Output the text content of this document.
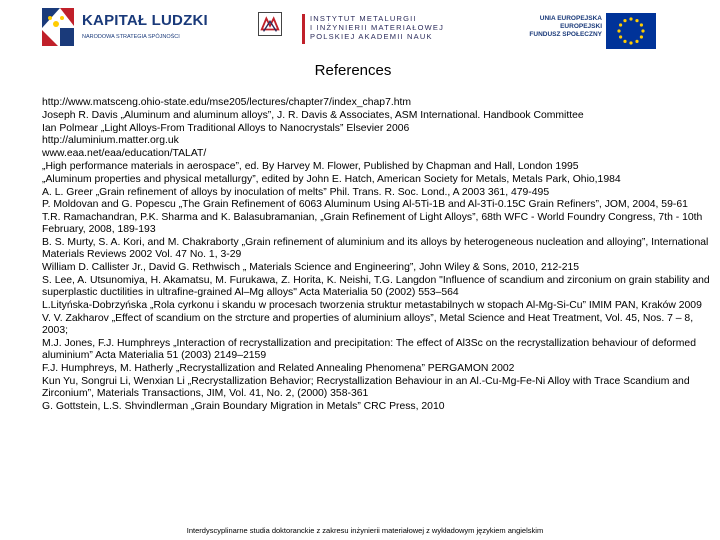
KAPITAŁ LUDZKI
NARODOWA STRATEGIA SPÓJNOŚCI
INSTYTUT METALURGII
I INŻYNIERII MATERIAŁOWEJ
POLSKIEJ AKADEMII NAUK
UNIA EUROPEJSKA
EUROPEJSKI
FUNDUSZ SPOŁECZNY
References
http://www.matsceng.ohio-state.edu/mse205/lectures/chapter7/index_chap7.htm
Joseph R. Davis „Aluminum and aluminum alloys”, J. R. Davis & Associates, ASM International. Handbook Committee
Ian Polmear „Light Alloys-From Traditional Alloys to Nanocrystals” Elsevier 2006
http://aluminium.matter.org.uk
www.eaa.net/eaa/education/TALAT/
„High performance materials in aerospace”, ed. By Harvey M. Flower, Published by Chapman and Hall, London 1995
„Aluminum properties and physical metallurgy”, edited by John E. Hatch, American Society for Metals, Metals Park, Ohio,1984
A. L. Greer „Grain refinement of alloys by inoculation of melts” Phil. Trans. R. Soc. Lond., A 2003 361, 479-495
P. Moldovan and G. Popescu „The Grain Refinement of 6063 Aluminum Using Al-5Ti-1B and Al-3Ti-0.15C Grain Refiners”, JOM, 2004, 59-61
T.R. Ramachandran, P.K. Sharma and K. Balasubramanian, „Grain Refinement of Light Alloys”, 68th WFC - World Foundry Congress, 7th - 10th February, 2008, 189-193
B. S. Murty, S. A. Kori, and M. Chakraborty „Grain refinement of aluminium and its alloys by heterogeneous nucleation and alloying”, International Materials Reviews 2002 Vol. 47 No. 1, 3-29
William D. Callister Jr., David G. Rethwisch „ Materials Science and Engineering”, John Wiley & Sons, 2010, 212-215
S. Lee, A. Utsunomiya, H. Akamatsu, M. Furukawa, Z. Horita, K. Neishi, T.G. Langdon "Influence of scandium and zirconium on grain stability and superplastic ductilities in ultrafine-grained Al–Mg alloys" Acta Materialia 50 (2002) 553–564
L.Lityńska-Dobrzyńska „Rola cyrkonu i skandu w procesach tworzenia struktur metastabilnych w stopach Al-Mg-Si-Cu” IMIM PAN, Kraków 2009
V. V. Zakharov „Effect of scandium on the strcture and properties of aluminium alloys”, Metal Science and Heat Treatment, Vol. 45, Nos. 7 – 8, 2003;
M.J. Jones, F.J. Humphreys „Interaction of recrystallization and precipitation: The effect of Al3Sc on the recrystallization behaviour of deformed aluminium” Acta Materialia 51 (2003) 2149–2159
F.J. Humphreys, M. Hatherly „Recrystallization and Related Annealing Phenomena” PERGAMON 2002
Kun Yu, Songrui Li, Wenxian Li „Recrystallization Behavior; Recrystallization Behaviour in an Al.-Cu-Mg-Fe-Ni Alloy with Trace Scandium and Zirconium”, Materials Transactions, JIM, Vol. 41, No. 2, (2000) 358-361
G. Gottstein, L.S. Shvindlerman „Grain Boundary Migration in Metals” CRC Press, 2010
Interdyscyplinarne studia doktoranckie z zakresu inżynierii materiałowej z wykładowym językiem angielskim
